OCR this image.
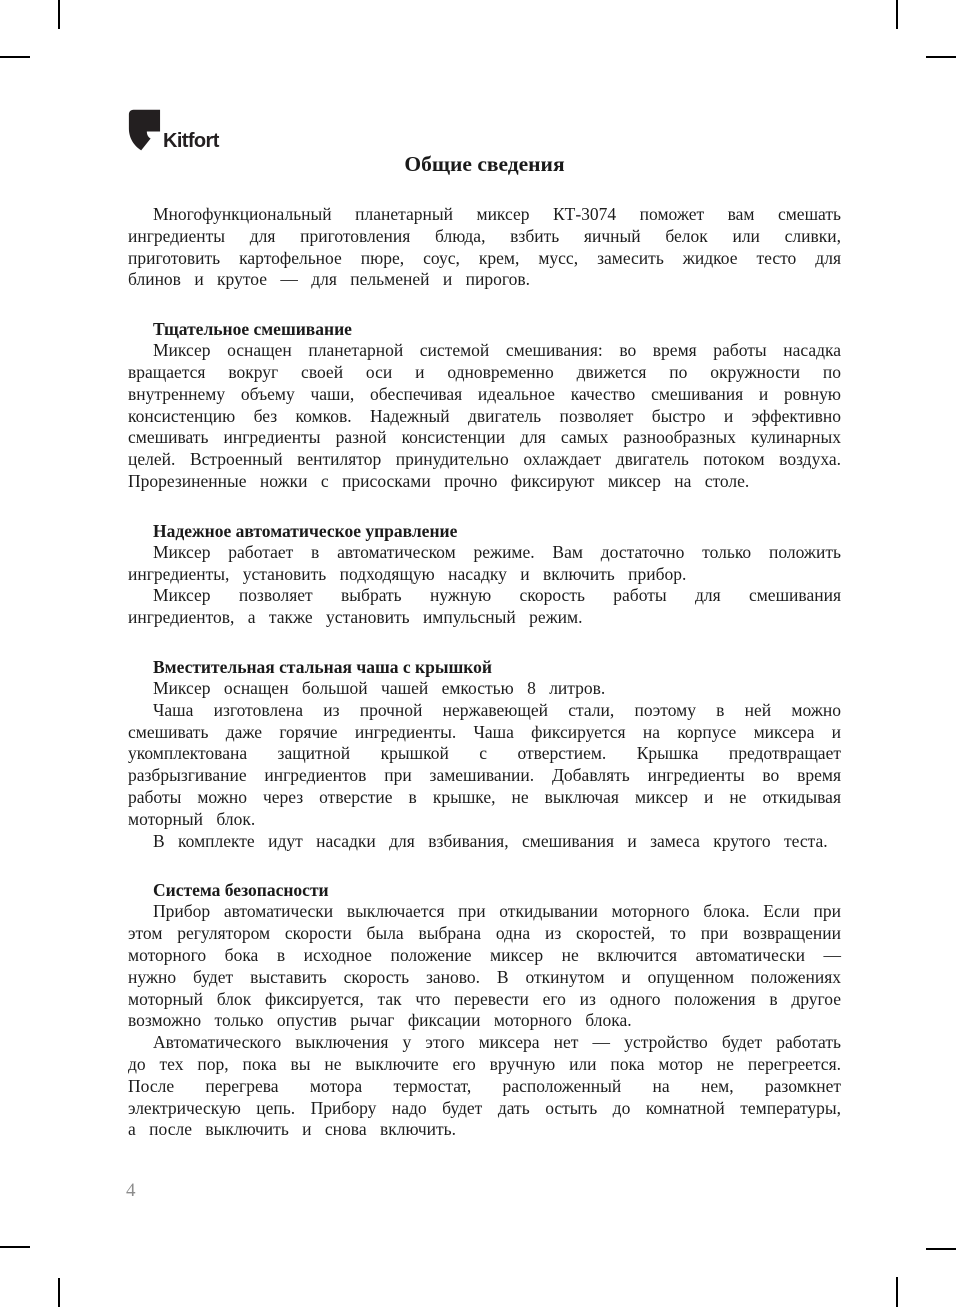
Kitfort
Общие сведения

Многофункциональный планетарный миксер КТ-3074 поможет вам смешать ингредиенты для приготовления блюда, взбить яичный белок или сливки, приготовить картофельное пюре, соус, крем, мусс, замесить жидкое тесто для блинов и крутое — для пельменей и пирогов.

Тщательное смешивание

Миксер оснащен планетарной системой смешивания: во время работы насадка вращается вокруг своей оси и одновременно движется по окружности по внутреннему объему чаши, обеспечивая идеальное качество смешивания и ровную консистенцию без комков. Надежный двигатель позволяет быстро и эффективно смешивать ингредиенты разной консистенции для самых разнообразных кулинарных целей. Встроенный вентилятор принудительно охлаждает двигатель потоком воздуха. Прорезиненные ножки с присосками прочно фиксируют миксер на столе.

Надежное автоматическое управление

Миксер работает в автоматическом режиме. Вам достаточно только положить ингредиенты, установить подходящую насадку и включить прибор.

Миксер позволяет выбрать нужную скорость работы для смешивания ингредиентов, а также установить импульсный режим.

Вместительная стальная чаша с крышкой

Миксер оснащен большой чашей емкостью 8 литров.

Чаша изготовлена из прочной нержавеющей стали, поэтому в ней можно смешивать даже горячие ингредиенты. Чаша фиксируется на корпусе миксера и укомплектована защитной крышкой с отверстием. Крышка предотвращает разбрызгивание ингредиентов при замешивании. Добавлять ингредиенты во время работы можно через отверстие в крышке, не выключая миксер и не откидывая моторный блок.

В комплекте идут насадки для взбивания, смешивания и замеса крутого теста.

Система безопасности

Прибор автоматически выключается при откидывании моторного блока. Если при этом регулятором скорости была выбрана одна из скоростей, то при возвращении моторного бока в исходное положение миксер не включится автоматически — нужно будет выставить скорость заново. В откинутом и опущенном положениях моторный блок фиксируется, так что перевести его из одного положения в другое возможно только опустив рычаг фиксации моторного блока.

Автоматического выключения у этого миксера нет — устройство будет работать до тех пор, пока вы не выключите его вручную или пока мотор не перегреется. После перегрева мотора термостат, расположенный на нем, разомкнет электрическую цепь. Прибору надо будет дать остыть до комнатной температуры, а после выключить и снова включить.

4
